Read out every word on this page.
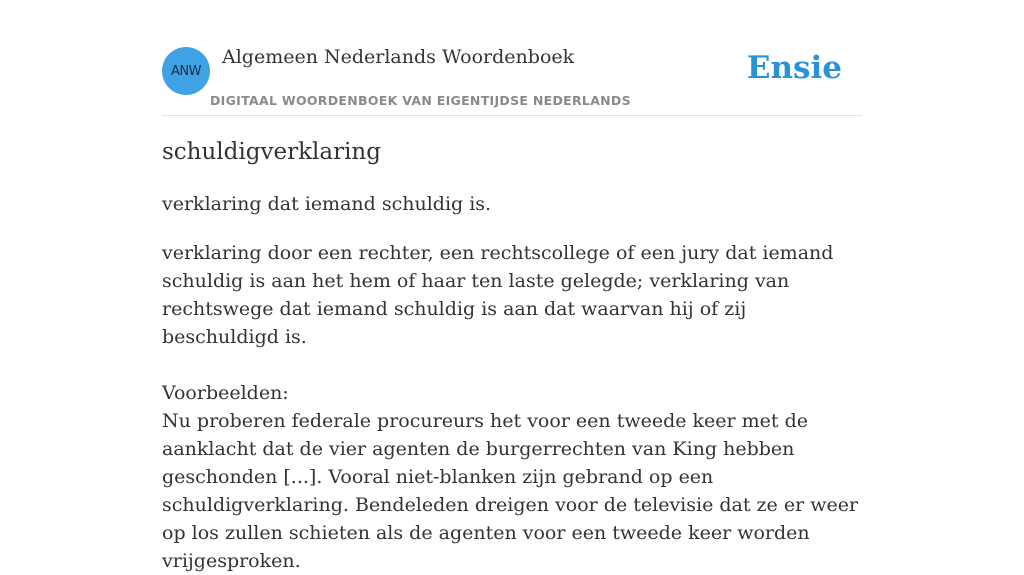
ANW
Algemeen Nederlands Woordenboek
DIGITAAL WOORDENBOEK VAN EIGENTIJDSE NEDERLANDS
Ensie
schuldigverklaring
verklaring dat iemand schuldig is.

verklaring door een rechter, een rechtscollege of een jury dat iemand schuldig is aan het hem of haar ten laste gelegde; verklaring van rechtswege dat iemand schuldig is aan dat waarvan hij of zij beschuldigd is.

Voorbeelden:

Nu proberen federale procureurs het voor een tweede keer met de aanklacht dat de vier agenten de burgerrechten van King hebben geschonden [...]. Vooral niet-blanken zijn gebrand op een schuldigverklaring. Bendeleden dreigen voor de televisie dat ze er weer op los zullen schieten als de agenten voor een tweede keer worden vrijgesproken.
